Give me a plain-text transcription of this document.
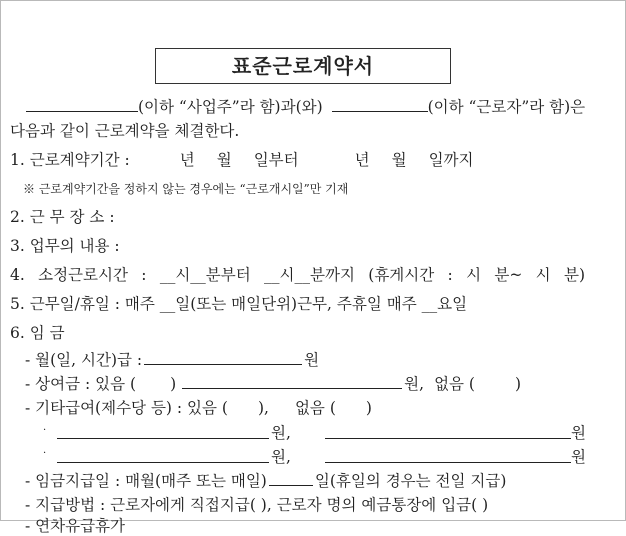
표준근로계약서
(이하 “사업주”라 함)과(와)	(이하 “근로자”라 함)은
다음과 같이 근로계약을 체결한다.
1. 근로계약기간 :	년 월 일부터	년 월 일까지
※ 근로계약기간을 정하지 않는 경우에는 “근로개시일”만 기재
2. 근 무 장 소 :
3. 업무의 내용 :
4. 소정근로시간 : __시__분부터 __시__분까지 (휴게시간 : 시 분~ 시 분)
5. 근무일/휴일 : 매주 __일(또는 매일단위)근무, 주휴일 매주 __요일
6. 임 금
- 월(일, 시간)급 :	원
- 상여금 : 있음 ( )	원, 없음 (	)
- 기타급여(제수당 등) : 있음 ( ), 없음 ( )
·	원,	원
·	원,	원
- 임금지급일 : 매월(매주 또는 매일)	일(휴일의 경우는 전일 지급)
- 지급방법 : 근로자에게 직접지급( ), 근로자 명의 예금통장에 입금( )
- 연차유급휴가
